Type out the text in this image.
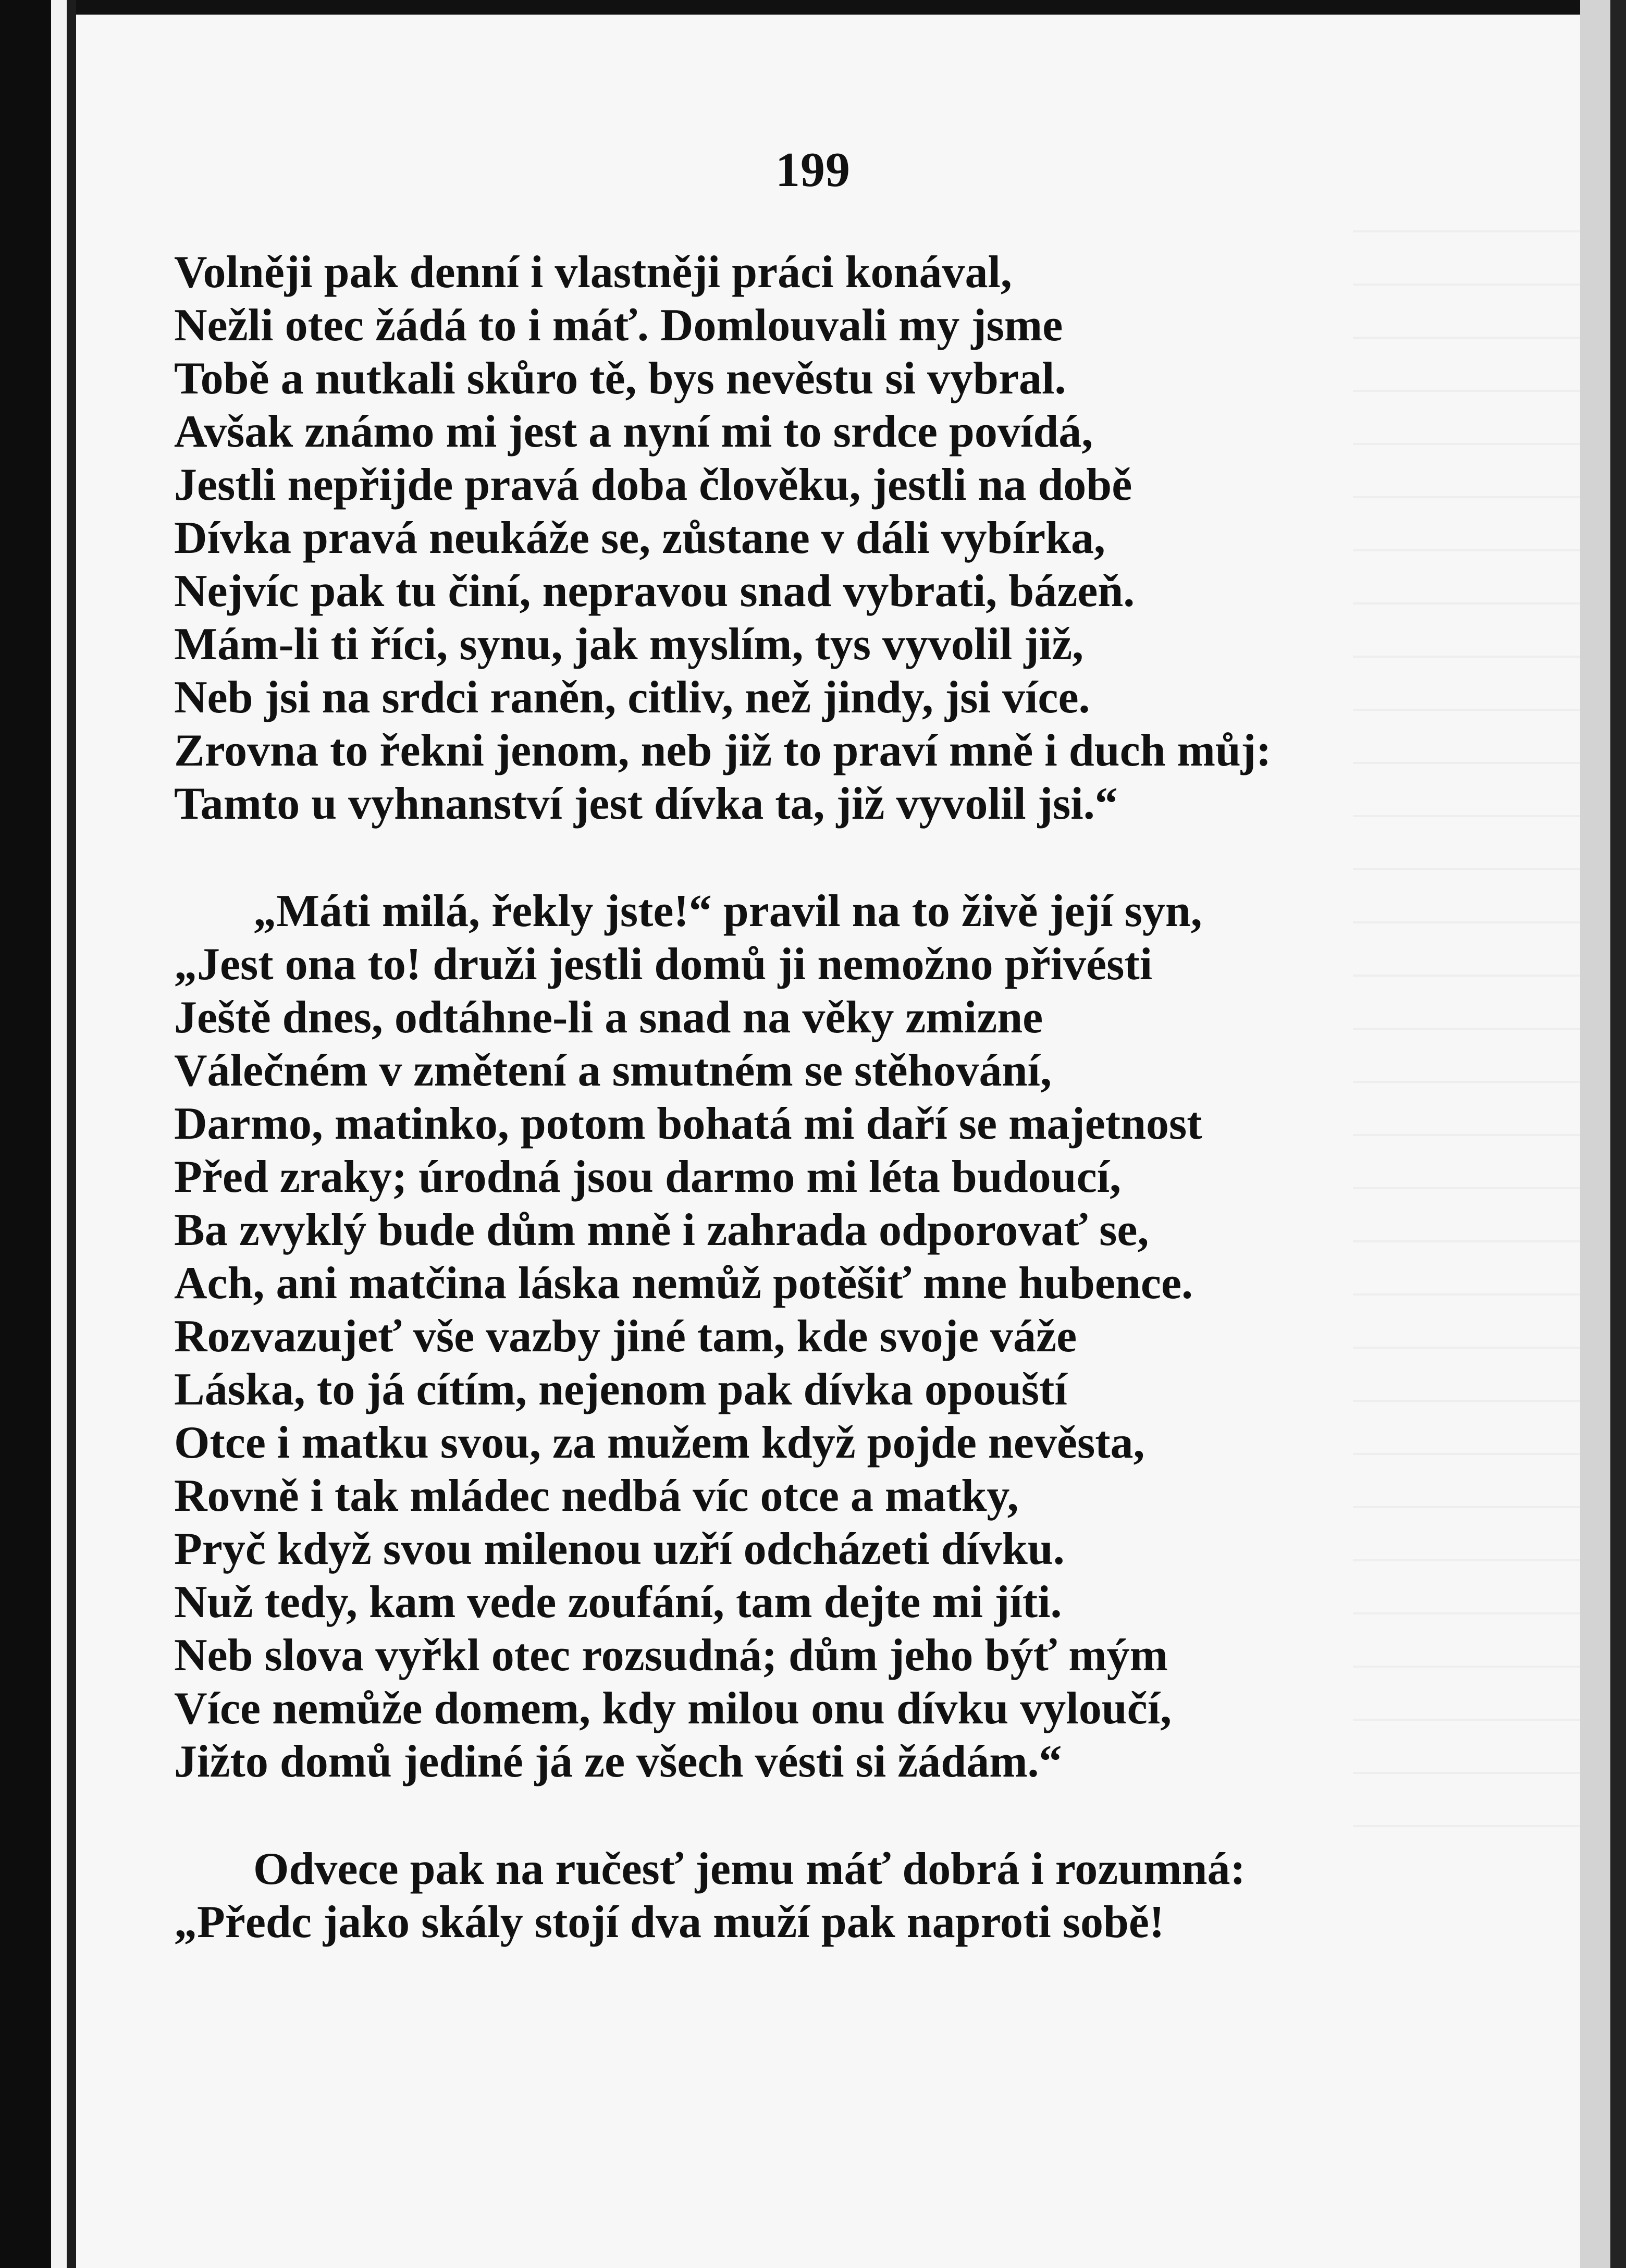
199
Volněji pak denní i vlastněji práci konával,
Nežli otec žádá to i máť. Domlouvali my jsme
Tobě a nutkali skůro tě, bys nevěstu si vybral.
Avšak známo mi jest a nyní mi to srdce povídá,
Jestli nepřijde pravá doba člověku, jestli na době
Dívka pravá neukáže se, zůstane v dáli vybírka,
Nejvíc pak tu činí, nepravou snad vybrati, bázeň.
Mám-li ti říci, synu, jak myslím, tys vyvolil již,
Neb jsi na srdci raněn, citliv, než jindy, jsi více.
Zrovna to řekni jenom, neb již to praví mně i duch můj:
Tamto u vyhnanství jest dívka ta, již vyvolil jsi.“
„Máti milá, řekly jste!“ pravil na to živě její syn,
„Jest ona to! druži jestli domů ji nemožno přivésti
Ještě dnes, odtáhne-li a snad na věky zmizne
Válečném v změtení a smutném se stěhování,
Darmo, matinko, potom bohatá mi daří se majetnost
Před zraky; úrodná jsou darmo mi léta budoucí,
Ba zvyklý bude dům mně i zahrada odporovať se,
Ach, ani matčina láska nemůž potěšiť mne hubence.
Rozvazujeť vše vazby jiné tam, kde svoje váže
Láska, to já cítím, nejenom pak dívka opouští
Otce i matku svou, za mužem když pojde nevěsta,
Rovně i tak mládec nedbá víc otce a matky,
Pryč když svou milenou uzří odcházeti dívku.
Nuž tedy, kam vede zoufání, tam dejte mi jíti.
Neb slova vyřkl otec rozsudná; dům jeho býť mým
Více nemůže domem, kdy milou onu dívku vyloučí,
Jižto domů jediné já ze všech vésti si žádám.“
Odvece pak na ručesť jemu máť dobrá i rozumná:
„Předc jako skály stojí dva muží pak naproti sobě!
